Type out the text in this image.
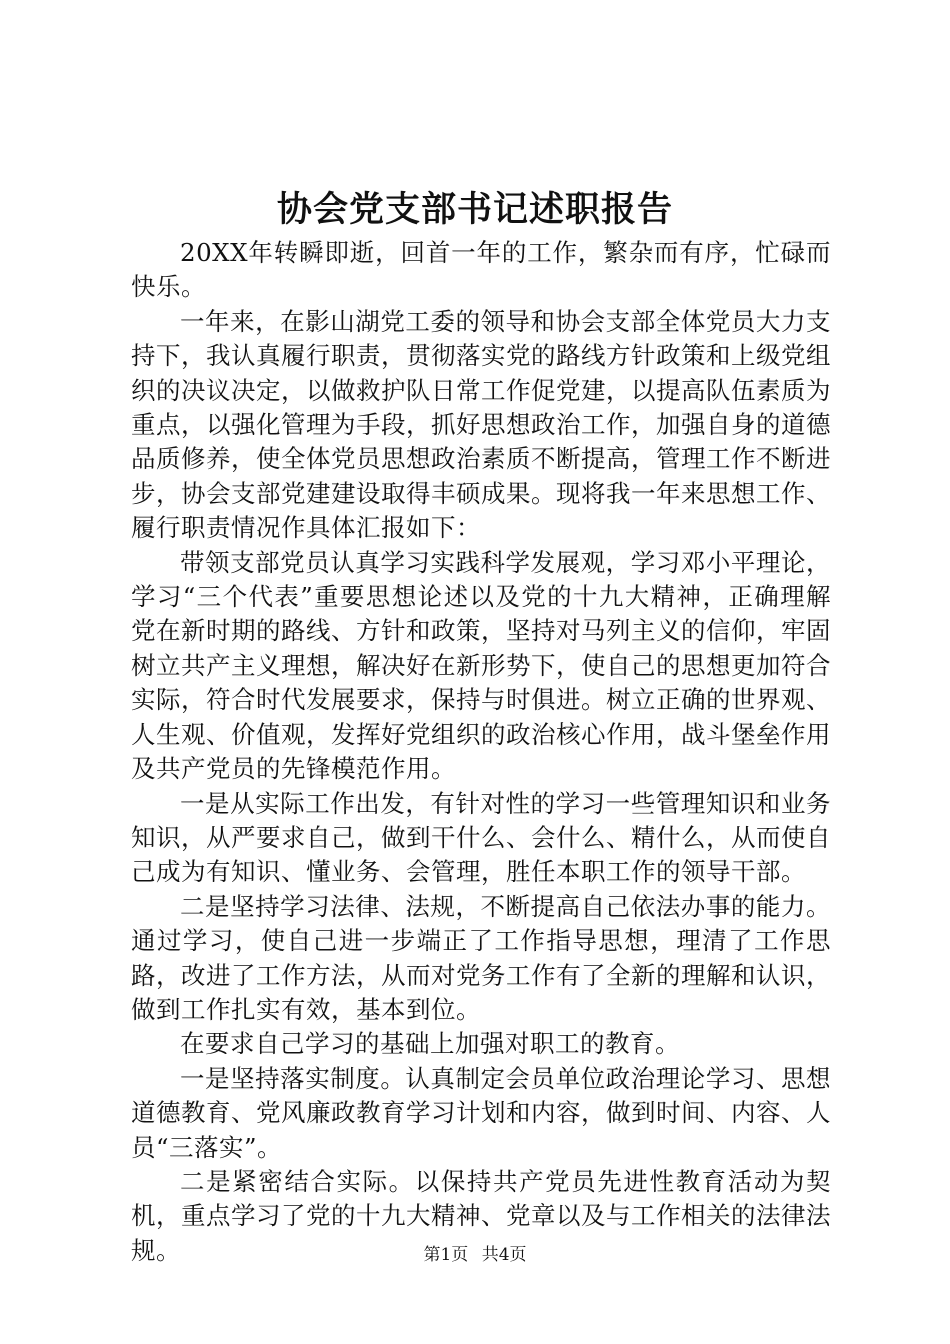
协会党支部书记述职报告

20XX年转瞬即逝，回首一年的工作，繁杂而有序，忙碌而快乐。

一年来，在影山湖党工委的领导和协会支部全体党员大力支持下，我认真履行职责，贯彻落实党的路线方针政策和上级党组织的决议决定，以做救护队日常工作促党建，以提高队伍素质为重点，以强化管理为手段，抓好思想政治工作，加强自身的道德品质修养，使全体党员思想政治素质不断提高，管理工作不断进步，协会支部党建建设取得丰硕成果。现将我一年来思想工作、履行职责情况作具体汇报如下：

带领支部党员认真学习实践科学发展观，学习邓小平理论，学习“三个代表”重要思想论述以及党的十九大精神，正确理解党在新时期的路线、方针和政策，坚持对马列主义的信仰，牢固树立共产主义理想，解决好在新形势下，使自己的思想更加符合实际，符合时代发展要求，保持与时俱进。树立正确的世界观、人生观、价值观，发挥好党组织的政治核心作用，战斗堡垒作用及共产党员的先锋模范作用。

一是从实际工作出发，有针对性的学习一些管理知识和业务知识，从严要求自己，做到干什么、会什么、精什么，从而使自己成为有知识、懂业务、会管理，胜任本职工作的领导干部。

二是坚持学习法律、法规，不断提高自己依法办事的能力。通过学习，使自己进一步端正了工作指导思想，理清了工作思路，改进了工作方法，从而对党务工作有了全新的理解和认识，做到工作扎实有效，基本到位。

在要求自己学习的基础上加强对职工的教育。

一是坚持落实制度。认真制定会员单位政治理论学习、思想道德教育、党风廉政教育学习计划和内容，做到时间、内容、人员“三落实”。

二是紧密结合实际。以保持共产党员先进性教育活动为契机，重点学习了党的十九大精神、党章以及与工作相关的法律法规。	第1页 共4页
